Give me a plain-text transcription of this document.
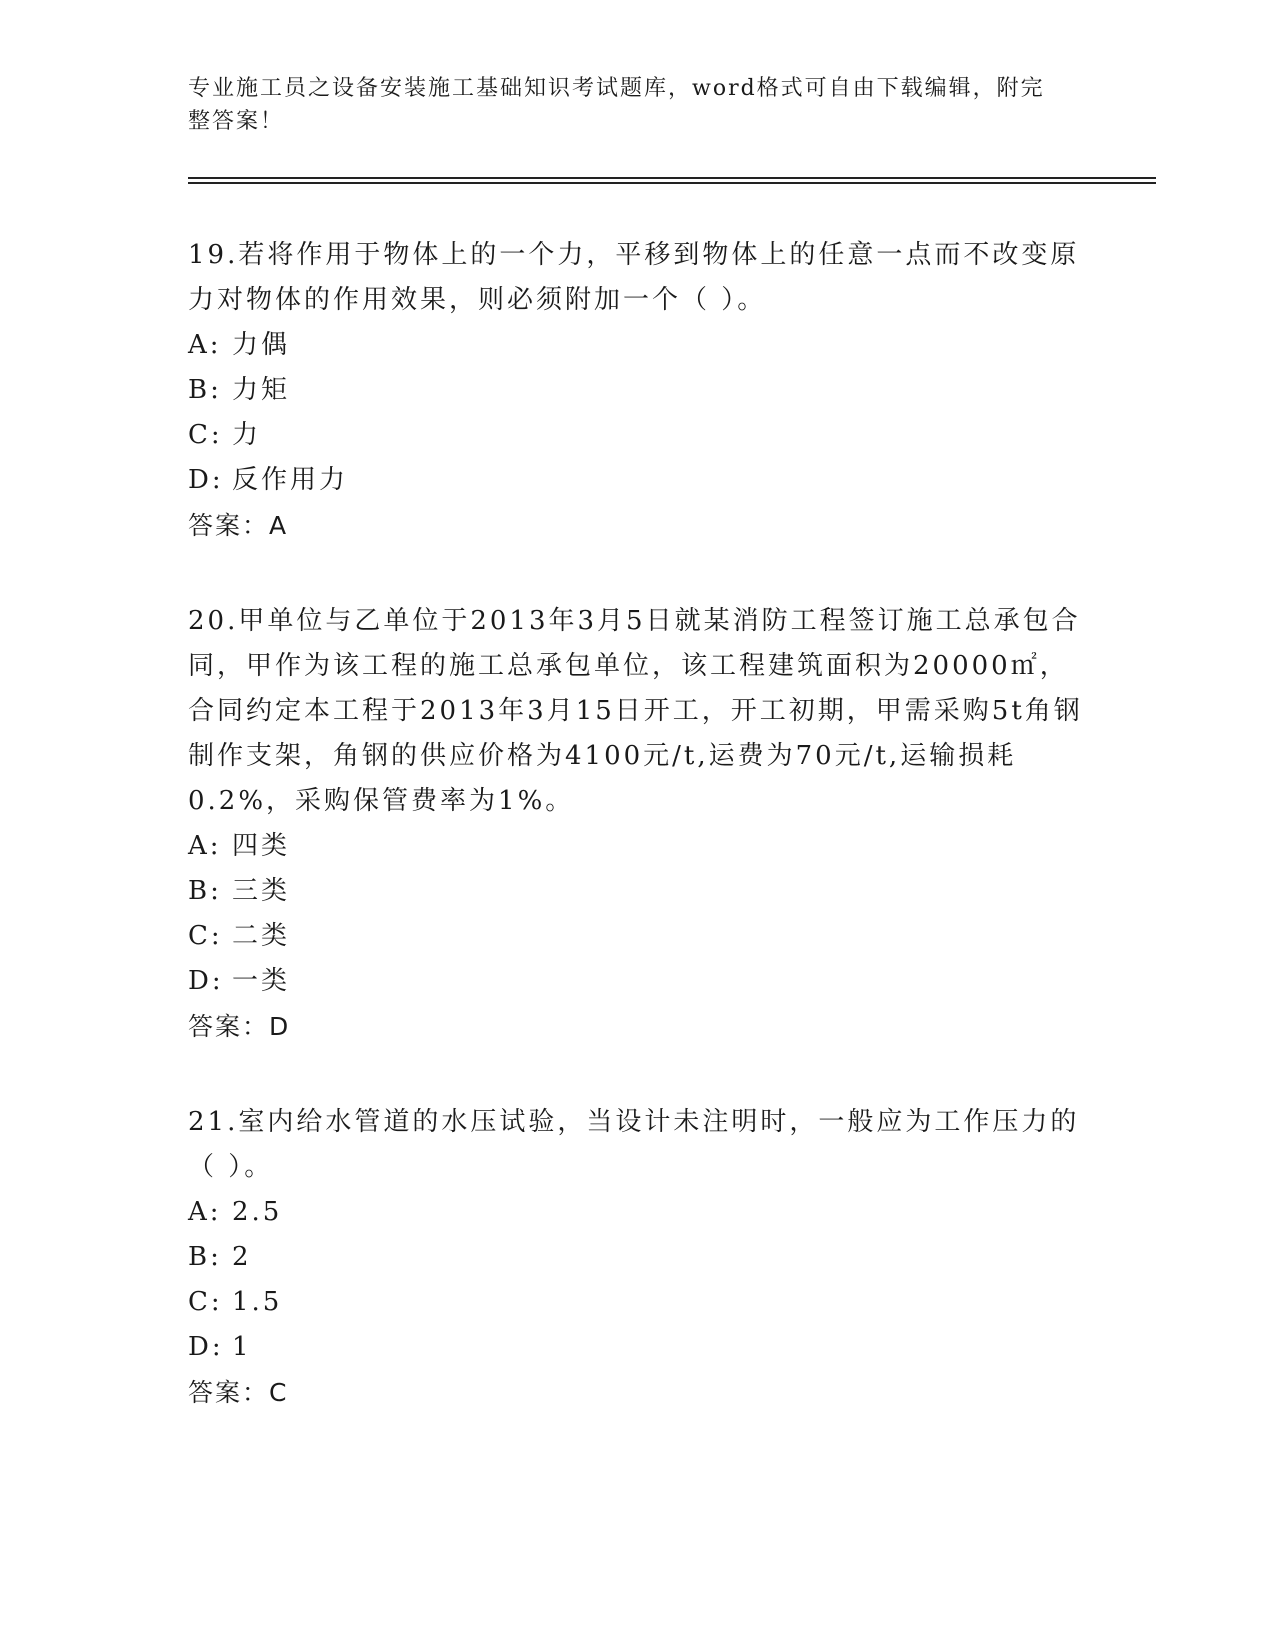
专业施工员之设备安装施工基础知识考试题库，word格式可自由下载编辑，附完整答案！

19.若将作用于物体上的一个力，平移到物体上的任意一点而不改变原力对物体的作用效果，则必须附加一个（ ）。

A: 力偶

B: 力矩

C: 力

D: 反作用力

答案：A

20.甲单位与乙单位于2013年3月5日就某消防工程签订施工总承包合同，甲作为该工程的施工总承包单位，该工程建筑面积为20000㎡，合同约定本工程于2013年3月15日开工，开工初期，甲需采购5t角钢制作支架，角钢的供应价格为4100元/t,运费为70元/t,运输损耗0.2%，采购保管费率为1%。

A: 四类

B: 三类

C: 二类

D: 一类

答案：D

21.室内给水管道的水压试验，当设计未注明时，一般应为工作压力的（ ）。

A: 2.5

B: 2

C: 1.5

D: 1

答案：C
